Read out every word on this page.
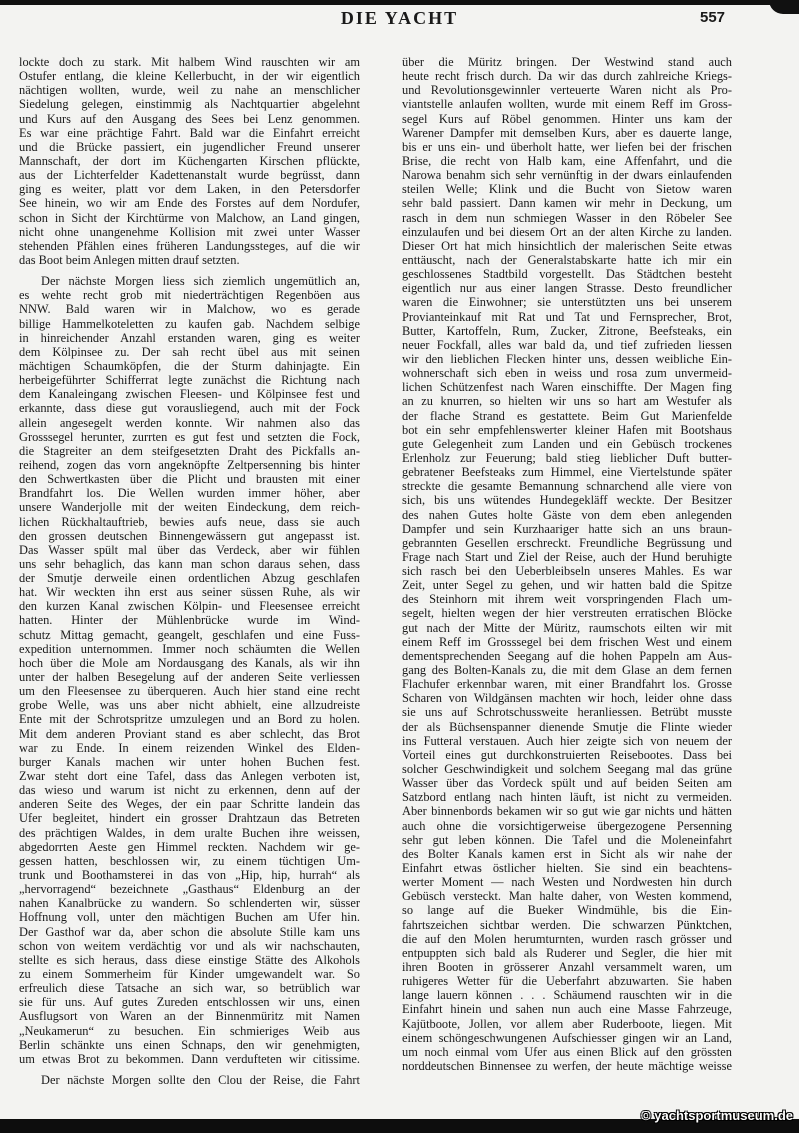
DIE YACHT	557
lockte doch zu stark. Mit halbem Wind rauschten wir am
Ostufer entlang, die kleine Kellerbucht, in der wir eigentlich
nächtigen wollten, wurde, weil zu nahe an menschlicher
Siedelung gelegen, einstimmig als Nachtquartier abgelehnt
und Kurs auf den Ausgang des Sees bei Lenz genommen.
Es war eine prächtige Fahrt. Bald war die Einfahrt erreicht
und die Brücke passiert, ein jugendlicher Freund unserer
Mannschaft, der dort im Küchengarten Kirschen pflückte,
aus der Lichterfelder Kadettenanstalt wurde begrüsst, dann
ging es weiter, platt vor dem Laken, in den Petersdorfer
See hinein, wo wir am Ende des Forstes auf dem Nordufer,
schon in Sicht der Kirchtürme von Malchow, an Land gingen,
nicht ohne unangenehme Kollision mit zwei unter Wasser
stehenden Pfählen eines früheren Landungssteges, auf die wir
das Boot beim Anlegen mitten drauf setzten.
Der nächste Morgen liess sich ziemlich ungemütlich an,
es wehte recht grob mit niederträchtigen Regenböen aus
NNW. Bald waren wir in Malchow, wo es gerade
billige Hammelkoteletten zu kaufen gab. Nachdem selbige
in hinreichender Anzahl erstanden waren, ging es weiter
dem Kölpinsee zu. Der sah recht übel aus mit seinen
mächtigen Schaumköpfen, die der Sturm dahinjagte. Ein
herbeigeführter Schifferrat legte zunächst die Richtung nach
dem Kanaleingang zwischen Fleesen- und Kölpinsee fest und
erkannte, dass diese gut vorausliegend, auch mit der Fock
allein angesegelt werden konnte. Wir nahmen also das
Grosssegel herunter, zurrten es gut fest und setzten die Fock,
die Stagreiter an dem steifgesetzten Draht des Pickfalls an-
reihend, zogen das vorn angeknöpfte Zeltpersenning bis hinter
den Schwertkasten über die Plicht und brausten mit einer
Brandfahrt los. Die Wellen wurden immer höher, aber
unsere Wanderjolle mit der weiten Eindeckung, dem reich-
lichen Rückhaltauftrieb, bewies aufs neue, dass sie auch
den grossen deutschen Binnengewässern gut angepasst ist.
Das Wasser spült mal über das Verdeck, aber wir fühlen
uns sehr behaglich, das kann man schon daraus sehen, dass
der Smutje derweile einen ordentlichen Abzug geschlafen
hat. Wir weckten ihn erst aus seiner süssen Ruhe, als wir
den kurzen Kanal zwischen Kölpin- und Fleesensee erreicht
hatten. Hinter der Mühlenbrücke wurde im Wind-
schutz Mittag gemacht, geangelt, geschlafen und eine Fuss-
expedition unternommen. Immer noch schäumten die Wellen
hoch über die Mole am Nordausgang des Kanals, als wir ihn
unter der halben Besegelung auf der anderen Seite verliessen
um den Fleesensee zu überqueren. Auch hier stand eine recht
grobe Welle, was uns aber nicht abhielt, eine allzudreiste
Ente mit der Schrotspritze umzulegen und an Bord zu holen.
Mit dem anderen Proviant stand es aber schlecht, das Brot
war zu Ende. In einem reizenden Winkel des Elden-
burger Kanals machen wir unter hohen Buchen fest.
Zwar steht dort eine Tafel, dass das Anlegen verboten ist,
das wieso und warum ist nicht zu erkennen, denn auf der
anderen Seite des Weges, der ein paar Schritte landein das
Ufer begleitet, hindert ein grosser Drahtzaun das Betreten
des prächtigen Waldes, in dem uralte Buchen ihre weissen,
abgedorrten Aeste gen Himmel reckten. Nachdem wir ge-
gessen hatten, beschlossen wir, zu einem tüchtigen Um-
trunk und Boothamsterei in das von „Hip, hip, hurrah“ als
„hervorragend“ bezeichnete „Gasthaus“ Eldenburg an der
nahen Kanalbrücke zu wandern. So schlenderten wir, süsser
Hoffnung voll, unter den mächtigen Buchen am Ufer hin.
Der Gasthof war da, aber schon die absolute Stille kam uns
schon von weitem verdächtig vor und als wir nachschauten,
stellte es sich heraus, dass diese einstige Stätte des Alkohols
zu einem Sommerheim für Kinder umgewandelt war. So
erfreulich diese Tatsache an sich war, so betrüblich war
sie für uns. Auf gutes Zureden entschlossen wir uns, einen
Ausflugsort von Waren an der Binnenmüritz mit Namen
„Neukamerun“ zu besuchen. Ein schmieriges Weib aus
Berlin schänkte uns einen Schnaps, den wir genehmigten,
um etwas Brot zu bekommen. Dann verdufteten wir citissime.
Der nächste Morgen sollte den Clou der Reise, die Fahrt
über die Müritz bringen. Der Westwind stand auch
heute recht frisch durch. Da wir das durch zahlreiche Kriegs-
und Revolutionsgewinnler verteuerte Waren nicht als Pro-
viantstelle anlaufen wollten, wurde mit einem Reff im Gross-
segel Kurs auf Röbel genommen. Hinter uns kam der
Warener Dampfer mit demselben Kurs, aber es dauerte lange,
bis er uns ein- und überholt hatte, wer liefen bei der frischen
Brise, die recht von Halb kam, eine Affenfahrt, und die
Narowa benahm sich sehr vernünftig in der dwars einlaufenden
steilen Welle; Klink und die Bucht von Sietow waren
sehr bald passiert. Dann kamen wir mehr in Deckung, um
rasch in dem nun schmiegen Wasser in den Röbeler See
einzulaufen und bei diesem Ort an der alten Kirche zu landen.
Dieser Ort hat mich hinsichtlich der malerischen Seite etwas
enttäuscht, nach der Generalstabskarte hatte ich mir ein
geschlossenes Stadtbild vorgestellt. Das Städtchen besteht
eigentlich nur aus einer langen Strasse. Desto freundlicher
waren die Einwohner; sie unterstützten uns bei unserem
Provianteinkauf mit Rat und Tat und Fernsprecher, Brot,
Butter, Kartoffeln, Rum, Zucker, Zitrone, Beefsteaks, ein
neuer Fockfall, alles war bald da, und tief zufrieden liessen
wir den lieblichen Flecken hinter uns, dessen weibliche Ein-
wohnerschaft sich eben in weiss und rosa zum unvermeid-
lichen Schützenfest nach Waren einschiffte. Der Magen fing
an zu knurren, so hielten wir uns so hart am Westufer als
der flache Strand es gestattete. Beim Gut Marienfelde
bot ein sehr empfehlenswerter kleiner Hafen mit Bootshaus
gute Gelegenheit zum Landen und ein Gebüsch trockenes
Erlenholz zur Feuerung; bald stieg lieblicher Duft butter-
gebratener Beefsteaks zum Himmel, eine Viertelstunde später
streckte die gesamte Bemannung schnarchend alle viere von
sich, bis uns wütendes Hundegekläff weckte. Der Besitzer
des nahen Gutes holte Gäste von dem eben anlegenden
Dampfer und sein Kurzhaariger hatte sich an uns braun-
gebrannten Gesellen erschreckt. Freundliche Begrüssung und
Frage nach Start und Ziel der Reise, auch der Hund beruhigte
sich rasch bei den Ueberbleibseln unseres Mahles. Es war
Zeit, unter Segel zu gehen, und wir hatten bald die Spitze
des Steinhorn mit ihrem weit vorspringenden Flach um-
segelt, hielten wegen der hier verstreuten erratischen Blöcke
gut nach der Mitte der Müritz, raumschots eilten wir mit
einem Reff im Grosssegel bei dem frischen West und einem
dementsprechenden Seegang auf die hohen Pappeln am Aus-
gang des Bolten-Kanals zu, die mit dem Glase an dem fernen
Flachufer erkennbar waren, mit einer Brandfahrt los. Grosse
Scharen von Wildgänsen machten wir hoch, leider ohne dass
sie uns auf Schrotschussweite heranliessen. Betrübt musste
der als Büchsenspanner dienende Smutje die Flinte wieder
ins Futteral verstauen. Auch hier zeigte sich von neuem der
Vorteil eines gut durchkonstruierten Reisebootes. Dass bei
solcher Geschwindigkeit und solchem Seegang mal das grüne
Wasser über das Vordeck spült und auf beiden Seiten am
Satzbord entlang nach hinten läuft, ist nicht zu vermeiden.
Aber binnenbords bekamen wir so gut wie gar nichts und hätten
auch ohne die vorsichtigerweise übergezogene Persenning
sehr gut leben können. Die Tafel und die Moleneinfahrt
des Bolter Kanals kamen erst in Sicht als wir nahe der
Einfahrt etwas östlicher hielten. Sie sind ein beachtens-
werter Moment — nach Westen und Nordwesten hin durch
Gebüsch versteckt. Man halte daher, von Westen kommend,
so lange auf die Bueker Windmühle, bis die Ein-
fahrtszeichen sichtbar werden. Die schwarzen Pünktchen,
die auf den Molen herumturnten, wurden rasch grösser und
entpuppten sich bald als Ruderer und Segler, die hier mit
ihren Booten in grösserer Anzahl versammelt waren, um
ruhigeres Wetter für die Ueberfahrt abzuwarten. Sie haben
lange lauern können . . . Schäumend rauschten wir in die
Einfahrt hinein und sahen nun auch eine Masse Fahrzeuge,
Kajütboote, Jollen, vor allem aber Ruderboote, liegen. Mit
einem schöngeschwungenen Aufschiesser gingen wir an Land,
um noch einmal vom Ufer aus einen Blick auf den grössten
norddeutschen Binnensee zu werfen, der heute mächtige weisse
© yachtsportmuseum.de
